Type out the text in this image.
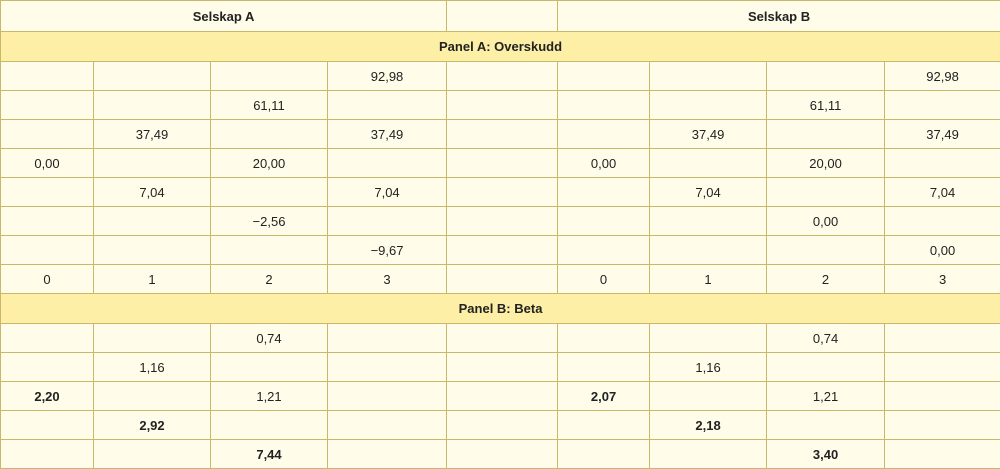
Selskap A					Selskap B			
Panel A: Overskudd								
			92,98					92,98
		61,11					61,11	
	37,49		37,49			37,49		37,49
0,00		20,00			0,00		20,00	
	7,04		7,04			7,04		7,04
		−2,56					0,00	
			−9,67					0,00
0	1	2	3		0	1	2	3
Panel B: Beta								
		0,74					0,74	
	1,16					1,16		
2,20		1,21			2,07		1,21	
	2,92					2,18		
		7,44					3,40	
